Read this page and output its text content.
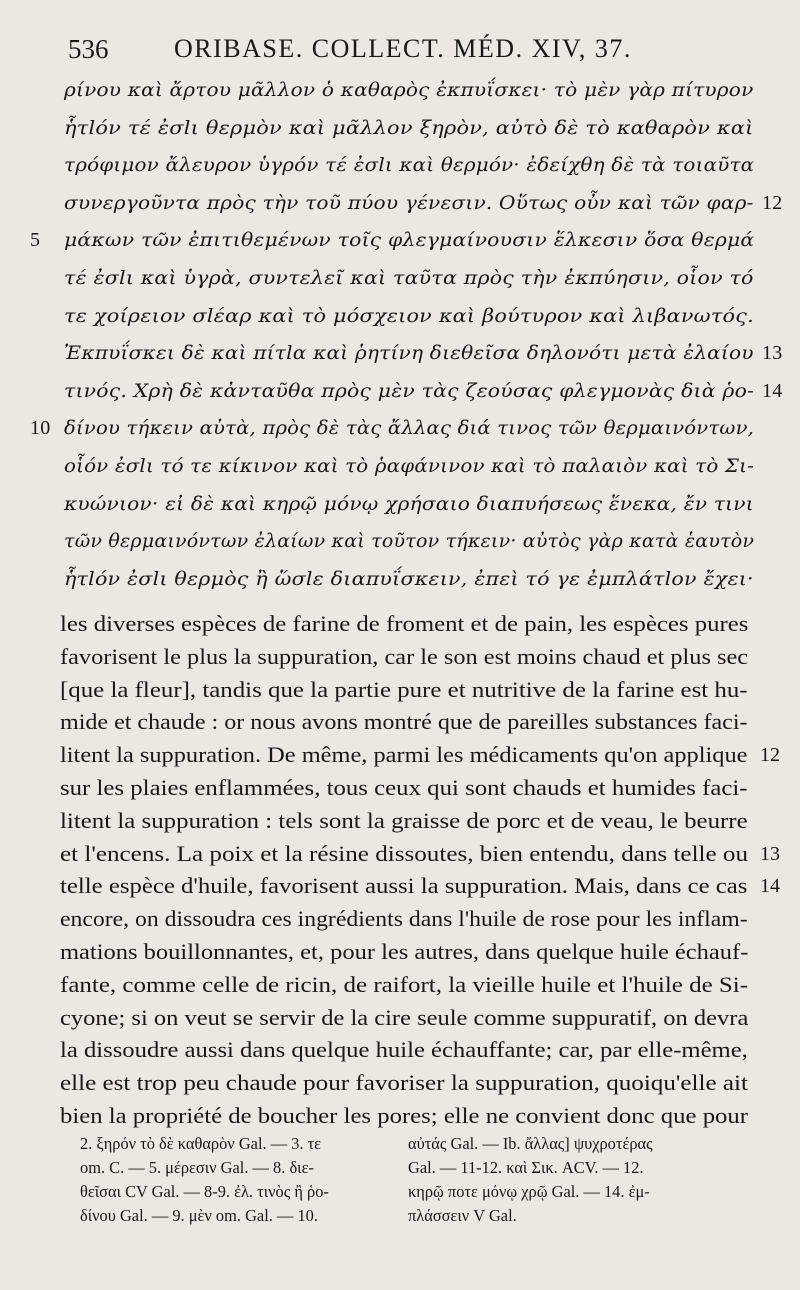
536	ORIBASE. COLLECT. MÉD. XIV, 37.
ρίνου καὶ ἄρτου μᾶλλον ὁ καθαρὸς ἐκπυΐσκει· τὸ μὲν γὰρ πίτυρον
ἧτlόν τέ ἐσlι θερμὸν καὶ μᾶλλον ξηρὸν, αὐτὸ δὲ τὸ καθαρὸν καὶ
τρόφιμον ἄλευρον ὑγρόν τέ ἐσlι καὶ θερμόν· ἐδείχθη δὲ τὰ τοιαῦτα
συνεργοῦντα πρὸς τὴν τοῦ πύου γένεσιν. Οὕτως οὖν καὶ τῶν φαρ- 12
μάκων τῶν ἐπιτιθεμένων τοῖς φλεγμαίνουσιν ἕλκεσιν ὅσα θερμά
5
τέ ἐσlι καὶ ὑγρὰ, συντελεῖ καὶ ταῦτα πρὸς τὴν ἐκπύησιν, οἷον τό
τε χοίρειον σlέαρ καὶ τὸ μόσχειον καὶ βούτυρον καὶ λιβανωτός.
Ἐκπυΐσκει δὲ καὶ πίτlα καὶ ῥητίνη διεθεῖσα δηλονότι μετὰ ἐλαίου 13
τινός. Χρὴ δὲ κἀνταῦθα πρὸς μὲν τὰς ζεούσας φλεγμονὰς διὰ ῥο- 14
δίνου τήκειν αὐτὰ, πρὸς δὲ τὰς ἄλλας διά τινος τῶν θερμαινόντων,
10
οἷόν ἐσlι τό τε κίκινον καὶ τὸ ῥαφάνινον καὶ τὸ παλαιὸν καὶ τὸ Σι-
κυώνιον· εἰ δὲ καὶ κηρῷ μόνῳ χρήσαιο διαπυήσεως ἕνεκα, ἔν τινι
τῶν θερμαινόντων ἐλαίων καὶ τοῦτον τήκειν· αὐτὸς γὰρ κατὰ ἑαυτὸν
ἧτlόν ἐσlι θερμὸς ἢ ὥσlε διαπυΐσκειν, ἐπεὶ τό γε ἐμπλάτlον ἔχει·
les diverses espèces de farine de froment et de pain, les espèces pures
favorisent le plus la suppuration, car le son est moins chaud et plus sec
[que la fleur], tandis que la partie pure et nutritive de la farine est hu-
mide et chaude : or nous avons montré que de pareilles substances faci-
litent la suppuration. De même, parmi les médicaments qu'on applique 12
sur les plaies enflammées, tous ceux qui sont chauds et humides faci-
litent la suppuration : tels sont la graisse de porc et de veau, le beurre
et l'encens. La poix et la résine dissoutes, bien entendu, dans telle ou 13
telle espèce d'huile, favorisent aussi la suppuration. Mais, dans ce cas 14
encore, on dissoudra ces ingrédients dans l'huile de rose pour les inflam-
mations bouillonnantes, et, pour les autres, dans quelque huile échauf-
fante, comme celle de ricin, de raifort, la vieille huile et l'huile de Si-
cyone; si on veut se servir de la cire seule comme suppuratif, on devra
la dissoudre aussi dans quelque huile échauffante; car, par elle-même,
elle est trop peu chaude pour favoriser la suppuration, quoiqu'elle ait
bien la propriété de boucher les pores; elle ne convient donc que pour
2. ξηρόν τὸ δὲ καθαρὸν Gal. — 3. τε
om. C. — 5. μέρεσιν Gal. — 8. διε-
θεῖσαι CV Gal. — 8-9. ἐλ. τινὸς ἢ ῥο-
δίνου Gal. — 9. μὲν om. Gal. — 10.
αὐτάς Gal. — Ib. ἄλλας] ψυχροτέρας
Gal. — 11-12. καὶ Σικ. ACV. — 12.
κηρῷ ποτε μόνῳ χρῷ Gal. — 14. ἐμ-
πλάσσειν V Gal.
